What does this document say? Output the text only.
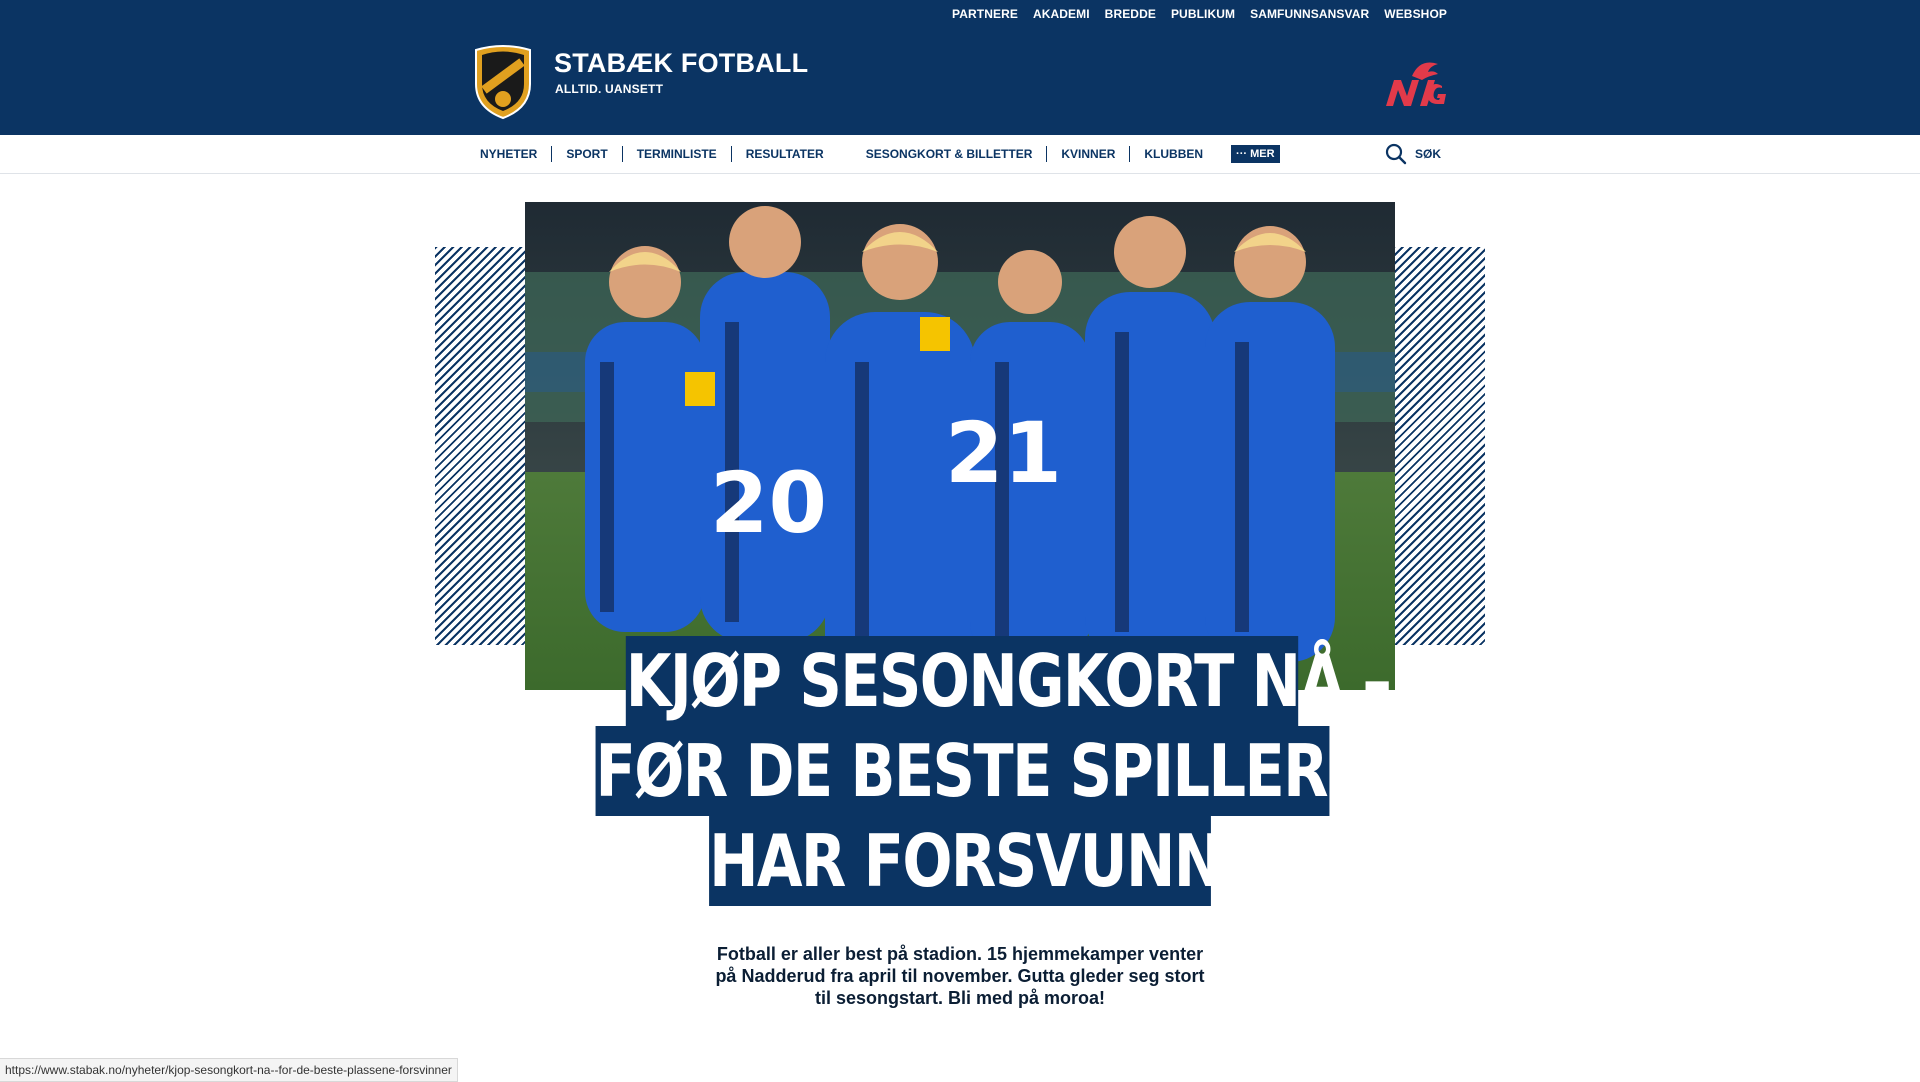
PARTNERE AKADEMI BREDDE PUBLIKUM SAMFUNNSANSVAR WEBSHOP
STABÆK FOTBALL
ALLTID. UANSETT
NYHETER	SPORT	TERMINLISTE	RESULTATER	SESONGKORT & BILLETTER	KVINNER	KLUBBEN	··· MER	SØK
20
21
KJØP SESONGKORT NÅ –
FØR DE BESTE SPILLERNE
HAR FORSVUNNET
Fotball er aller best på stadion. 15 hjemmekamper venter på Nadderud fra april til november. Gutta gleder seg stort til sesongstart. Bli med på moroa!
https://www.stabak.no/nyheter/kjop-sesongkort-na--for-de-beste-plassene-forsvinner
